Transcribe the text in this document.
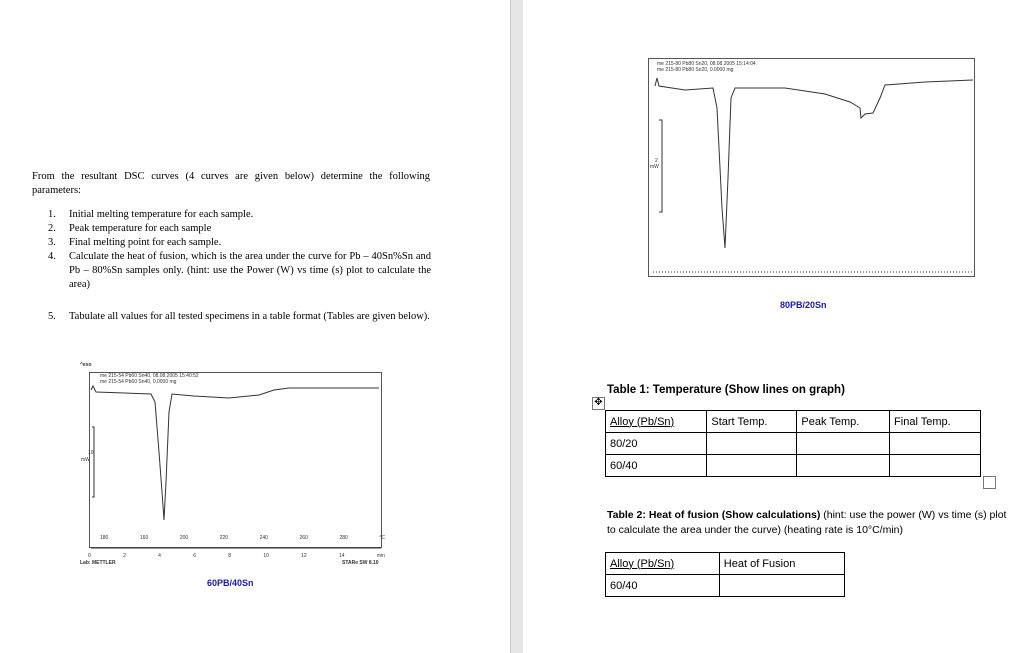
From the resultant DSC curves (4 curves are given below) determine the following parameters:
1. Initial melting temperature for each sample.
2. Peak temperature for each sample
3. Final melting point for each sample.
4. Calculate the heat of fusion, which is the area under the curve for Pb – 40Sn%Sn and Pb – 80%Sn samples only. (hint: use the Power (W) vs time (s) plot to calculate the area)
5. Tabulate all values for all tested specimens in a table format (Tables are given below).
^exo
me 215-54 Pb60 Sn40, 08.08.2005 15:40:52
me 215-54 Pb60 Sn40, 0.0000 mg
10
mW
180	160	200	220	240	260	280	°C
0	2	4	6	8	10	12	14	min
Lab: METTLER	STARe SW 8.10
60PB/40Sn
me 215-80 Pb80 Sn20, 08.08.2005 15:14:04
me 215-80 Pb80 Sn20, 0.0000 mg
2
mW
80PB/20Sn
Table 1: Temperature (Show lines on graph)
✥
Alloy (Pb/Sn)	Start Temp.	Peak Temp.	Final Temp.
80/20			
60/40			
Table 2: Heat of fusion (Show calculations) (hint: use the power (W) vs time (s) plot to calculate the area under the curve) (heating rate is 10°C/min)
Alloy (Pb/Sn)	Heat of Fusion
60/40	
